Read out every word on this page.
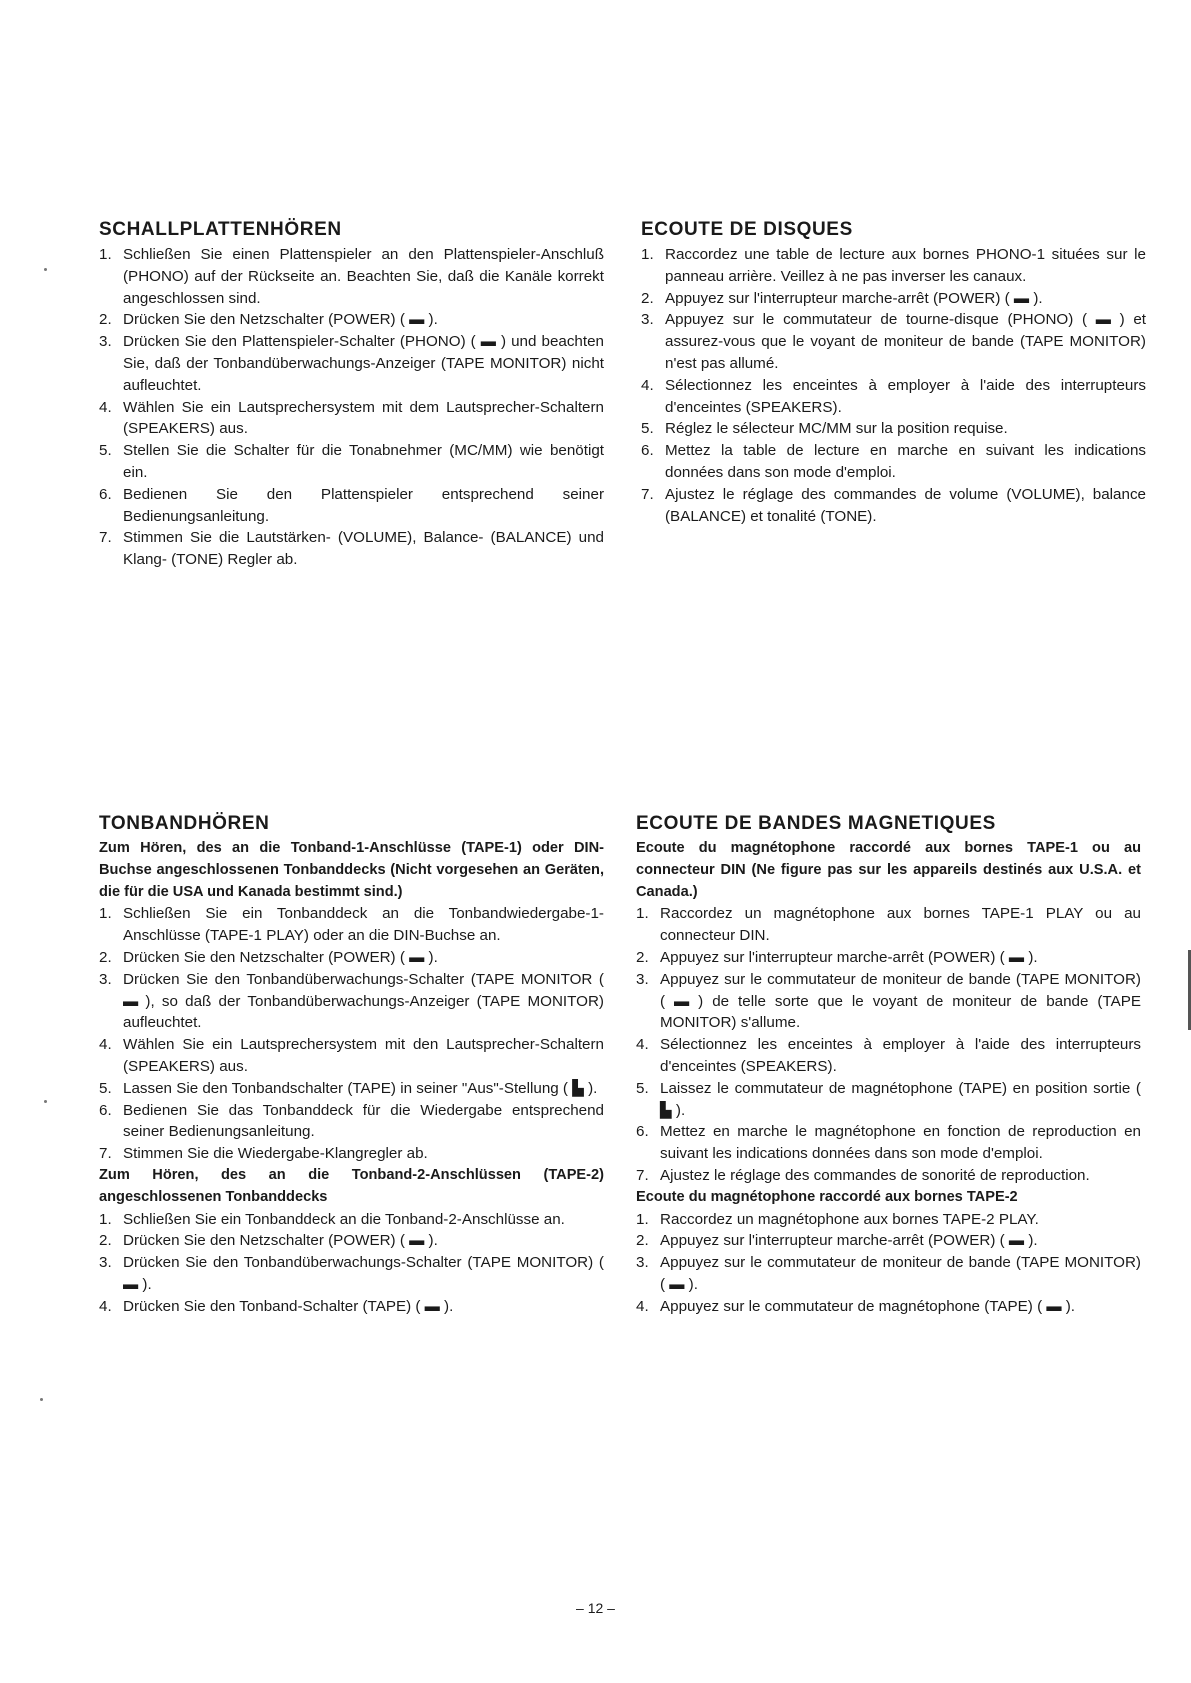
SCHALLPLATTENHÖREN
1. Schließen Sie einen Plattenspieler an den Plattenspieler-Anschluß (PHONO) auf der Rückseite an. Beachten Sie, daß die Kanäle korrekt angeschlossen sind.
2. Drücken Sie den Netzschalter (POWER) ( ▬ ).
3. Drücken Sie den Plattenspieler-Schalter (PHONO) ( ▬ ) und beachten Sie, daß der Tonbandüberwachungs-Anzeiger (TAPE MONITOR) nicht aufleuchtet.
4. Wählen Sie ein Lautsprechersystem mit dem Lautsprecher-Schaltern (SPEAKERS) aus.
5. Stellen Sie die Schalter für die Tonabnehmer (MC/MM) wie benötigt ein.
6. Bedienen Sie den Plattenspieler entsprechend seiner Bedienungsanleitung.
7. Stimmen Sie die Lautstärken- (VOLUME), Balance- (BALANCE) und Klang- (TONE) Regler ab.
ECOUTE DE DISQUES
1. Raccordez une table de lecture aux bornes PHONO-1 situées sur le panneau arrière. Veillez à ne pas inverser les canaux.
2. Appuyez sur l'interrupteur marche-arrêt (POWER) ( ▬ ).
3. Appuyez sur le commutateur de tourne-disque (PHONO) ( ▬ ) et assurez-vous que le voyant de moniteur de bande (TAPE MONITOR) n'est pas allumé.
4. Sélectionnez les enceintes à employer à l'aide des interrupteurs d'enceintes (SPEAKERS).
5. Réglez le sélecteur MC/MM sur la position requise.
6. Mettez la table de lecture en marche en suivant les indications données dans son mode d'emploi.
7. Ajustez le réglage des commandes de volume (VOLUME), balance (BALANCE) et tonalité (TONE).
TONBANDHÖREN

Zum Hören, des an die Tonband-1-Anschlüsse (TAPE-1) oder DIN-Buchse angeschlossenen Tonbanddecks (Nicht vorgesehen an Geräten, die für die USA und Kanada bestimmt sind.)

1. Schließen Sie ein Tonbanddeck an die Tonbandwiedergabe-1-Anschlüsse (TAPE-1 PLAY) oder an die DIN-Buchse an.
2. Drücken Sie den Netzschalter (POWER) ( ▬ ).
3. Drücken Sie den Tonbandüberwachungs-Schalter (TAPE MONITOR ( ▬ ), so daß der Tonbandüberwachungs-Anzeiger (TAPE MONITOR) aufleuchtet.
4. Wählen Sie ein Lautsprechersystem mit den Lautsprecher-Schaltern (SPEAKERS) aus.
5. Lassen Sie den Tonbandschalter (TAPE) in seiner "Aus"-Stellung ( ▙ ).
6. Bedienen Sie das Tonbanddeck für die Wiedergabe entsprechend seiner Bedienungsanleitung.
7. Stimmen Sie die Wiedergabe-Klangregler ab.

Zum Hören, des an die Tonband-2-Anschlüssen (TAPE-2) angeschlossenen Tonbanddecks

1. Schließen Sie ein Tonbanddeck an die Tonband-2-Anschlüsse an.
2. Drücken Sie den Netzschalter (POWER) ( ▬ ).
3. Drücken Sie den Tonbandüberwachungs-Schalter (TAPE MONITOR) ( ▬ ).
4. Drücken Sie den Tonband-Schalter (TAPE) ( ▬ ).
ECOUTE DE BANDES MAGNETIQUES

Ecoute du magnétophone raccordé aux bornes TAPE-1 ou au connecteur DIN (Ne figure pas sur les appareils destinés aux U.S.A. et Canada.)

1. Raccordez un magnétophone aux bornes TAPE-1 PLAY ou au connecteur DIN.
2. Appuyez sur l'interrupteur marche-arrêt (POWER) ( ▬ ).
3. Appuyez sur le commutateur de moniteur de bande (TAPE MONITOR) ( ▬ ) de telle sorte que le voyant de moniteur de bande (TAPE MONITOR) s'allume.
4. Sélectionnez les enceintes à employer à l'aide des interrupteurs d'enceintes (SPEAKERS).
5. Laissez le commutateur de magnétophone (TAPE) en position sortie ( ▙ ).
6. Mettez en marche le magnétophone en fonction de reproduction en suivant les indications données dans son mode d'emploi.
7. Ajustez le réglage des commandes de sonorité de reproduction.

Ecoute du magnétophone raccordé aux bornes TAPE-2

1. Raccordez un magnétophone aux bornes TAPE-2 PLAY.
2. Appuyez sur l'interrupteur marche-arrêt (POWER) ( ▬ ).
3. Appuyez sur le commutateur de moniteur de bande (TAPE MONITOR) ( ▬ ).
4. Appuyez sur le commutateur de magnétophone (TAPE) ( ▬ ).
– 12 –
